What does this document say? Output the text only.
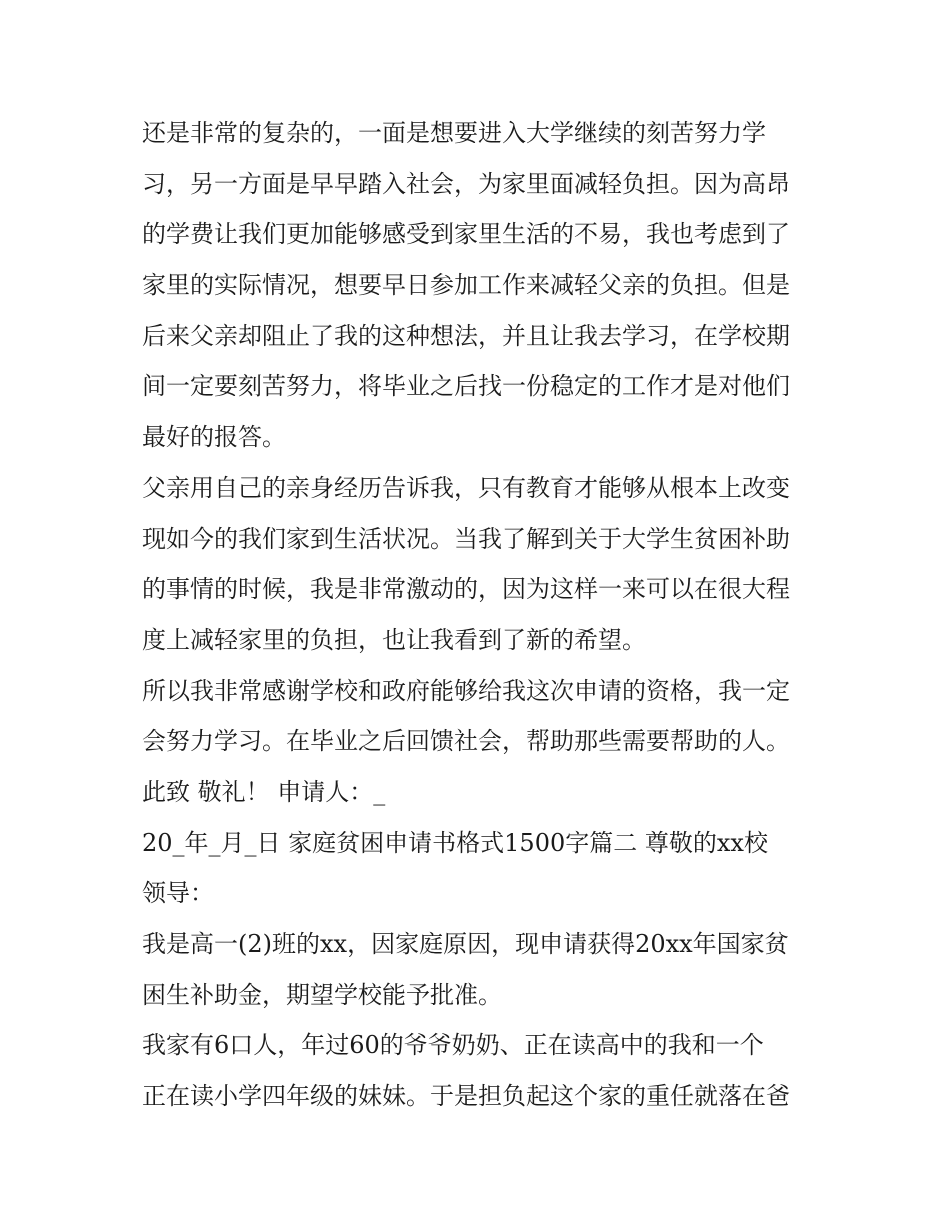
还是非常的复杂的，一面是想要进入大学继续的刻苦努力学
习，另一方面是早早踏入社会，为家里面减轻负担。因为高昂
的学费让我们更加能够感受到家里生活的不易，我也考虑到了
家里的实际情况，想要早日参加工作来减轻父亲的负担。但是
后来父亲却阻止了我的这种想法，并且让我去学习，在学校期
间一定要刻苦努力，将毕业之后找一份稳定的工作才是对他们
最好的报答。
父亲用自己的亲身经历告诉我，只有教育才能够从根本上改变
现如今的我们家到生活状况。当我了解到关于大学生贫困补助
的事情的时候，我是非常激动的，因为这样一来可以在很大程
度上减轻家里的负担，也让我看到了新的希望。
所以我非常感谢学校和政府能够给我这次申请的资格，我一定
会努力学习。在毕业之后回馈社会，帮助那些需要帮助的人。
此致 敬礼！ 申请人：_
20_年_月_日 家庭贫困申请书格式1500字篇二 尊敬的xx校
领导：
我是高一(2)班的xx，因家庭原因，现申请获得20xx年国家贫
困生补助金，期望学校能予批准。
我家有6口人，年过60的爷爷奶奶、正在读高中的我和一个
正在读小学四年级的妹妹。于是担负起这个家的重任就落在爸
